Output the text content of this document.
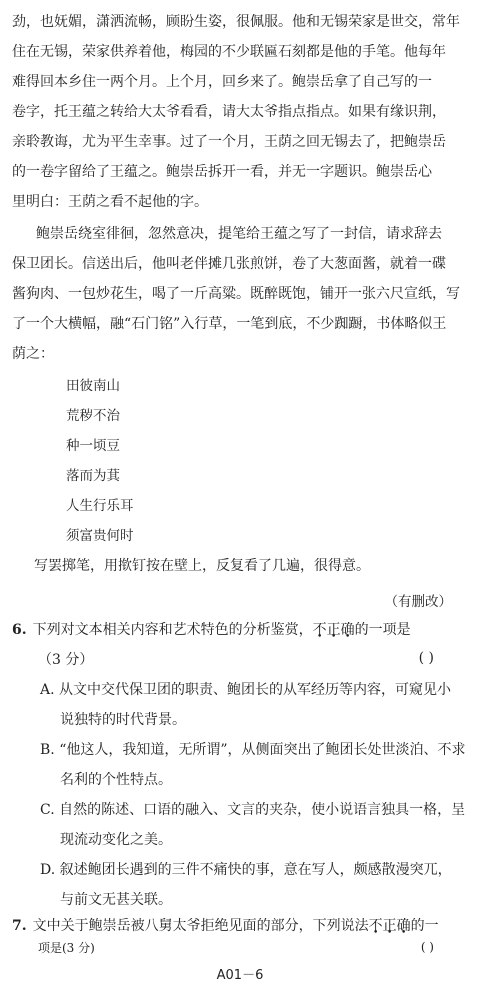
劲，也妩媚，潇洒流畅，顾盼生姿，很佩服。他和无锡荣家是世交，常年
住在无锡，荣家供养着他，梅园的不少联匾石刻都是他的手笔。他每年
难得回本乡住一两个月。上个月，回乡来了。鲍崇岳拿了自己写的一
卷字，托王蕴之转给大太爷看看，请大太爷指点指点。如果有缘识荆，
亲聆教诲，尤为平生幸事。过了一个月，王荫之回无锡去了，把鲍崇岳
的一卷字留给了王蕴之。鲍崇岳拆开一看，并无一字题识。鲍崇岳心
里明白：王荫之看不起他的字。
鲍崇岳绕室徘徊，忽然意决，提笔给王蕴之写了一封信，请求辞去
保卫团长。信送出后，他叫老伴摊几张煎饼，卷了大葱面酱，就着一碟
酱狗肉、一包炒花生，喝了一斤高粱。既醉既饱，铺开一张六尺宣纸，写
了一个大横幅，融“石门铭”入行草，一笔到底，不少踟蹰，书体略似王
荫之：
田彼南山
荒秽不治
种一顷豆
落而为萁
人生行乐耳
须富贵何时
写罢掷笔，用揿钉按在壁上，反复看了几遍，很得意。
（有删改）
6. 下列对文本相关内容和艺术特色的分析鉴赏，不正确的一项是
（3 分）	( )
A. 从文中交代保卫团的职责、鲍团长的从军经历等内容，可窥见小
说独特的时代背景。
B. “他这人，我知道，无所谓”，从侧面突出了鲍团长处世淡泊、不求
名利的个性特点。
C. 自然的陈述、口语的融入、文言的夹杂，使小说语言独具一格，呈
现流动变化之美。
D. 叙述鲍团长遇到的三件不痛快的事，意在写人，颇感散漫突兀，
与前文无甚关联。
7. 文中关于鲍崇岳被八舅太爷拒绝见面的部分，下列说法不正确的一
项是(3 分)	( )
A01－6
